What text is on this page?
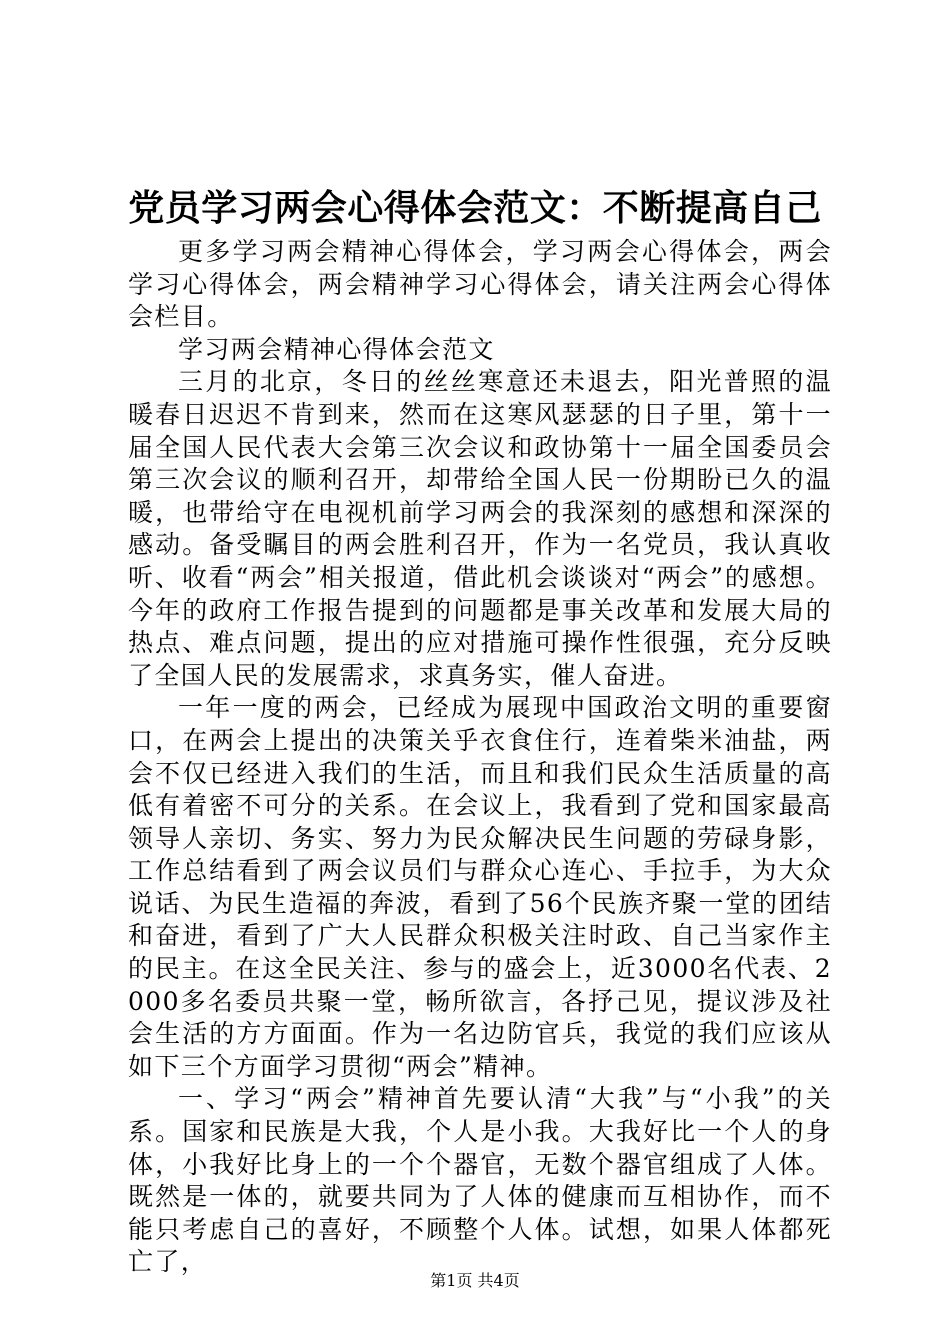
党员学习两会心得体会范文：不断提高自己

更多学习两会精神心得体会，学习两会心得体会，两会学习心得体会，两会精神学习心得体会，请关注两会心得体会栏目。

学习两会精神心得体会范文

三月的北京，冬日的丝丝寒意还未退去，阳光普照的温暖春日迟迟不肯到来，然而在这寒风瑟瑟的日子里，第十一届全国人民代表大会第三次会议和政协第十一届全国委员会第三次会议的顺利召开，却带给全国人民一份期盼已久的温暖，也带给守在电视机前学习两会的我深刻的感想和深深的感动。备受瞩目的两会胜利召开，作为一名党员，我认真收听、收看“两会”相关报道，借此机会谈谈对“两会”的感想。今年的政府工作报告提到的问题都是事关改革和发展大局的热点、难点问题，提出的应对措施可操作性很强，充分反映了全国人民的发展需求，求真务实，催人奋进。

一年一度的两会，已经成为展现中国政治文明的重要窗口，在两会上提出的决策关乎衣食住行，连着柴米油盐，两会不仅已经进入我们的生活，而且和我们民众生活质量的高低有着密不可分的关系。在会议上，我看到了党和国家最高领导人亲切、务实、努力为民众解决民生问题的劳碌身影，工作总结看到了两会议员们与群众心连心、手拉手，为大众说话、为民生造福的奔波，看到了56个民族齐聚一堂的团结和奋进，看到了广大人民群众积极关注时政、自己当家作主的民主。在这全民关注、参与的盛会上，近3000名代表、2000多名委员共聚一堂，畅所欲言，各抒己见，提议涉及社会生活的方方面面。作为一名边防官兵，我觉的我们应该从如下三个方面学习贯彻“两会”精神。

一、学习“两会”精神首先要认清“大我”与“小我”的关系。国家和民族是大我，个人是小我。大我好比一个人的身体，小我好比身上的一个个器官，无数个器官组成了人体。既然是一体的，就要共同为了人体的健康而互相协作，而不能只考虑自己的喜好，不顾整个人体。试想，如果人体都死亡了，

第1页 共4页
